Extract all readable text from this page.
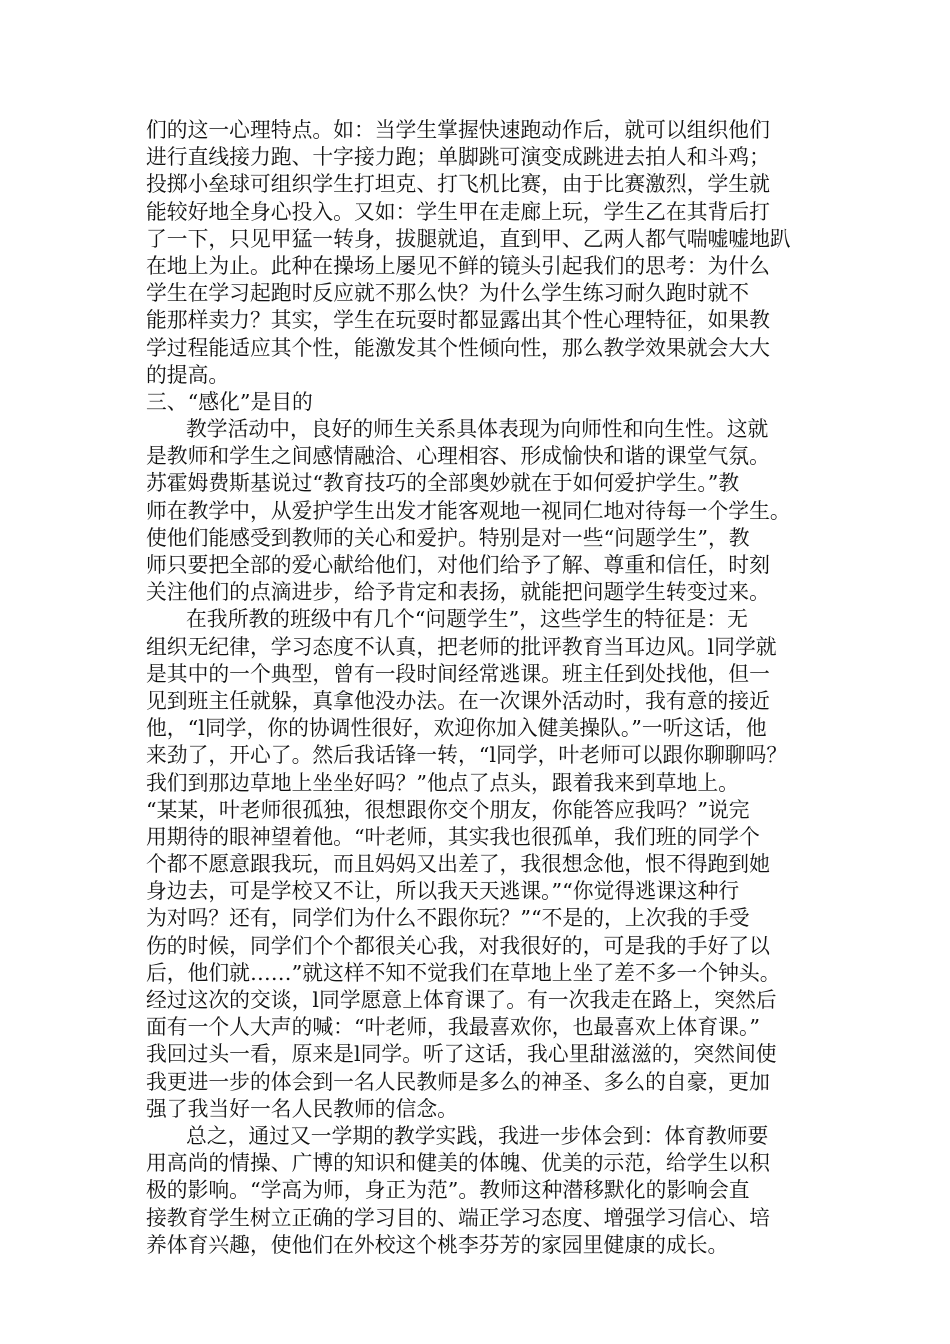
们的这一心理特点。如：当学生掌握快速跑动作后，就可以组织他们
进行直线接力跑、十字接力跑；单脚跳可演变成跳进去拍人和斗鸡；
投掷小垒球可组织学生打坦克、打飞机比赛，由于比赛激烈，学生就
能较好地全身心投入。又如：学生甲在走廊上玩，学生乙在其背后打
了一下，只见甲猛一转身，拔腿就追，直到甲、乙两人都气喘嘘嘘地趴
在地上为止。此种在操场上屡见不鲜的镜头引起我们的思考：为什么
学生在学习起跑时反应就不那么快？为什么学生练习耐久跑时就不
能那样卖力？其实，学生在玩耍时都显露出其个性心理特征，如果教
学过程能适应其个性，能激发其个性倾向性，那么教学效果就会大大
的提高。
三、“感化”是目的
教学活动中，良好的师生关系具体表现为向师性和向生性。这就
是教师和学生之间感情融洽、心理相容、形成愉快和谐的课堂气氛。
苏霍姆费斯基说过“教育技巧的全部奥妙就在于如何爱护学生。”教
师在教学中，从爱护学生出发才能客观地一视同仁地对待每一个学生。
使他们能感受到教师的关心和爱护。特别是对一些“问题学生”，教
师只要把全部的爱心献给他们，对他们给予了解、尊重和信任，时刻
关注他们的点滴进步，给予肯定和表扬，就能把问题学生转变过来。
在我所教的班级中有几个“问题学生”，这些学生的特征是：无
组织无纪律，学习态度不认真，把老师的批评教育当耳边风。l同学就
是其中的一个典型，曾有一段时间经常逃课。班主任到处找他，但一
见到班主任就躲，真拿他没办法。在一次课外活动时，我有意的接近
他，“l同学，你的协调性很好，欢迎你加入健美操队。”一听这话，他
来劲了，开心了。然后我话锋一转，“l同学，叶老师可以跟你聊聊吗？
我们到那边草地上坐坐好吗？”他点了点头，跟着我来到草地上。
“某某，叶老师很孤独，很想跟你交个朋友，你能答应我吗？”说完
用期待的眼神望着他。“叶老师，其实我也很孤单，我们班的同学个
个都不愿意跟我玩，而且妈妈又出差了，我很想念他，恨不得跑到她
身边去，可是学校又不让，所以我天天逃课。”“你觉得逃课这种行
为对吗？还有，同学们为什么不跟你玩？”“不是的，上次我的手受
伤的时候，同学们个个都很关心我，对我很好的，可是我的手好了以
后，他们就……”就这样不知不觉我们在草地上坐了差不多一个钟头。
经过这次的交谈，l同学愿意上体育课了。有一次我走在路上，突然后
面有一个人大声的喊：“叶老师，我最喜欢你，也最喜欢上体育课。”
我回过头一看，原来是l同学。听了这话，我心里甜滋滋的，突然间使
我更进一步的体会到一名人民教师是多么的神圣、多么的自豪，更加
强了我当好一名人民教师的信念。
总之，通过又一学期的教学实践，我进一步体会到：体育教师要
用高尚的情操、广博的知识和健美的体魄、优美的示范，给学生以积
极的影响。“学高为师，身正为范”。教师这种潜移默化的影响会直
接教育学生树立正确的学习目的、端正学习态度、增强学习信心、培
养体育兴趣，使他们在外校这个桃李芬芳的家园里健康的成长。
